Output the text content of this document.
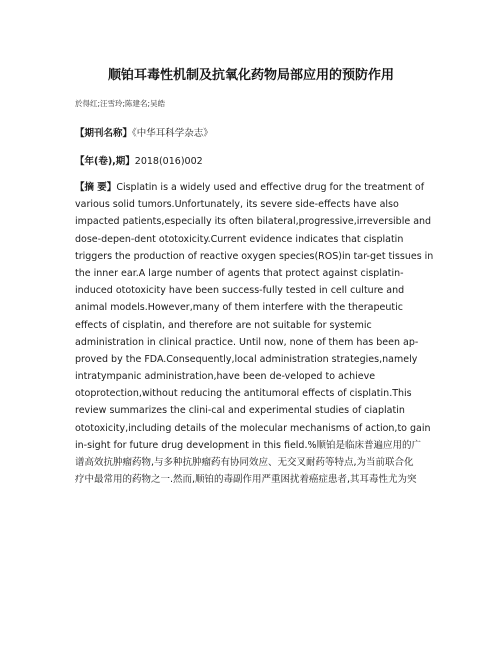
顺铂耳毒性机制及抗氧化药物局部应用的预防作用
於得红;汪雪玲;陈建名;吴皓
【期刊名称】《中华耳科学杂志》
【年(卷),期】2018(016)002
【摘 要】Cisplatin is a widely used and effective drug for the treatment of
various solid tumors.Unfortunately, its severe side-effects have also
impacted patients,especially its often bilateral,progressive,irreversible and
dose-depen-dent ototoxicity.Current evidence indicates that cisplatin
triggers the production of reactive oxygen species(ROS)in tar-get tissues in
the inner ear.A large number of agents that protect against cisplatin-
induced ototoxicity have been success-fully tested in cell culture and
animal models.However,many of them interfere with the therapeutic
effects of cisplatin, and therefore are not suitable for systemic
administration in clinical practice. Until now, none of them has been ap-
proved by the FDA.Consequently,local administration strategies,namely
intratympanic administration,have been de-veloped to achieve
otoprotection,without reducing the antitumoral effects of cisplatin.This
review summarizes the clini-cal and experimental studies of ciaplatin
ototoxicity,including details of the molecular mechanisms of action,to gain
in-sight for future drug development in this field.%顺铂是临床普遍应用的广
谱高效抗肿瘤药物,与多种抗肿瘤药有协同效应、无交叉耐药等特点,为当前联合化
疗中最常用的药物之一.然而,顺铂的毒副作用严重困扰着癌症患者,其耳毒性尤为突
